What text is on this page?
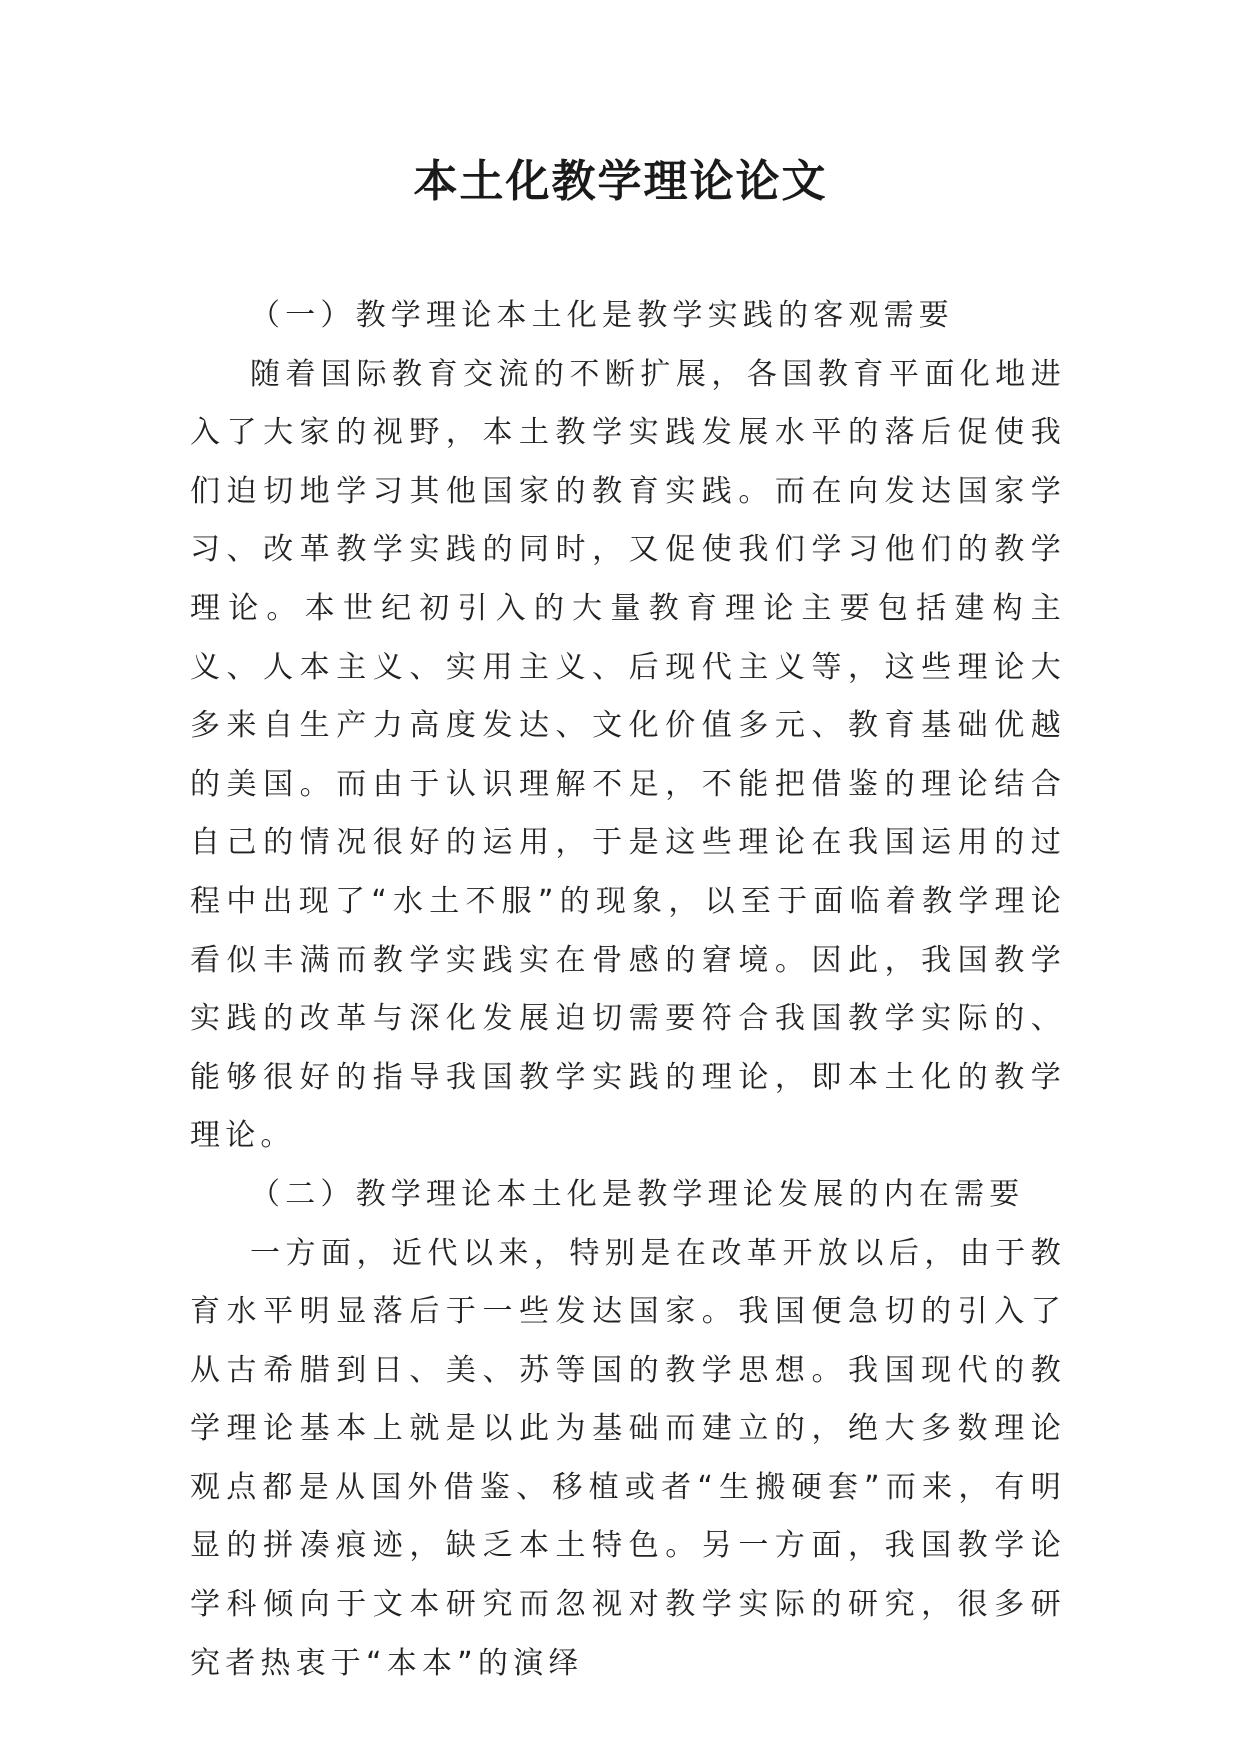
本土化教学理论论文

（一）教学理论本土化是教学实践的客观需要

随着国际教育交流的不断扩展，各国教育平面化地进入了大家的视野，本土教学实践发展水平的落后促使我们迫切地学习其他国家的教育实践。而在向发达国家学习、改革教学实践的同时，又促使我们学习他们的教学理论。本世纪初引入的大量教育理论主要包括建构主义、人本主义、实用主义、后现代主义等，这些理论大多来自生产力高度发达、文化价值多元、教育基础优越的美国。而由于认识理解不足，不能把借鉴的理论结合自己的情况很好的运用，于是这些理论在我国运用的过程中出现了“水土不服”的现象，以至于面临着教学理论看似丰满而教学实践实在骨感的窘境。因此，我国教学实践的改革与深化发展迫切需要符合我国教学实际的、能够很好的指导我国教学实践的理论，即本土化的教学理论。

（二）教学理论本土化是教学理论发展的内在需要

一方面，近代以来，特别是在改革开放以后，由于教育水平明显落后于一些发达国家。我国便急切的引入了从古希腊到日、美、苏等国的教学思想。我国现代的教学理论基本上就是以此为基础而建立的，绝大多数理论观点都是从国外借鉴、移植或者“生搬硬套”而来，有明显的拼凑痕迹，缺乏本土特色。另一方面，我国教学论学科倾向于文本研究而忽视对教学实际的研究，很多研究者热衷于“本本”的演绎
